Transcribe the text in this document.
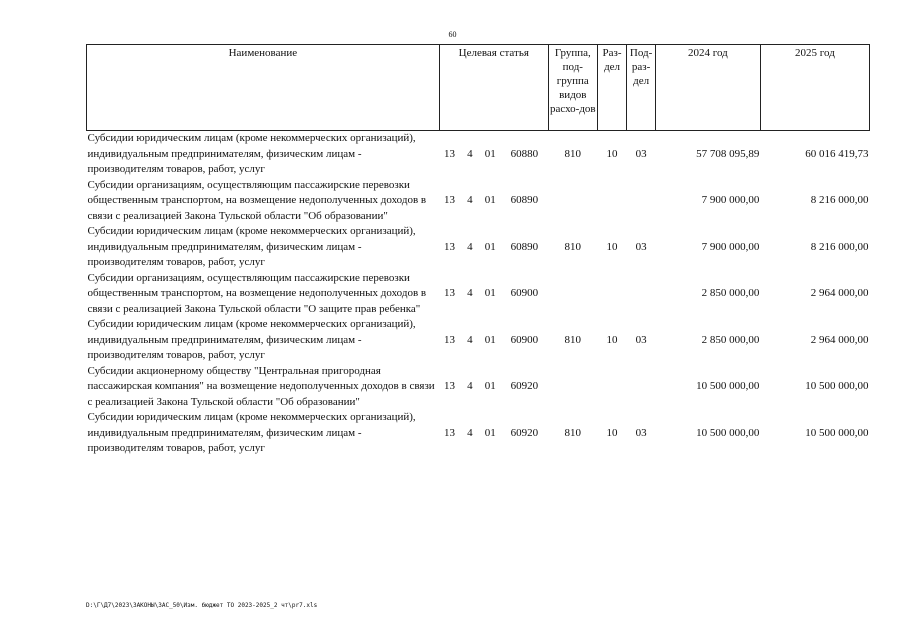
60
Наименование	Целевая статья				Группа, под-группа видов расхо-дов	Раз-дел	Под-раз-дел	2024 год	2025 год
Субсидии юридическим лицам (кроме некоммерческих организаций), индивидуальным предпринимателям, физическим лицам - производителям товаров, работ, услуг	13	4	01	60880	810	10	03	57 708 095,89	60 016 419,73
Субсидии организациям, осуществляющим пассажирские перевозки общественным транспортом, на возмещение недополученных доходов в связи с реализацией Закона Тульской области "Об образовании"	13	4	01	60890				7 900 000,00	8 216 000,00
Субсидии юридическим лицам (кроме некоммерческих организаций), индивидуальным предпринимателям, физическим лицам - производителям товаров, работ, услуг	13	4	01	60890	810	10	03	7 900 000,00	8 216 000,00
Субсидии организациям, осуществляющим пассажирские перевозки общественным транспортом, на возмещение недополученных доходов в связи с реализацией Закона Тульской области "О защите прав ребенка"	13	4	01	60900				2 850 000,00	2 964 000,00
Субсидии юридическим лицам (кроме некоммерческих организаций), индивидуальным предпринимателям, физическим лицам - производителям товаров, работ, услуг	13	4	01	60900	810	10	03	2 850 000,00	2 964 000,00
Субсидии акционерному обществу "Центральная пригородная пассажирская компания" на возмещение недополученных доходов в связи с реализацией Закона Тульской области "Об образовании"	13	4	01	60920				10 500 000,00	10 500 000,00
Субсидии юридическим лицам (кроме некоммерческих организаций), индивидуальным предпринимателям, физическим лицам - производителям товаров, работ, услуг	13	4	01	60920	810	10	03	10 500 000,00	10 500 000,00
D:\Г\Д7\2023\ЗАКОНЫ\ЗАС_50\Изм. бюджет ТО 2023-2025_2 чт\pr7.xls
